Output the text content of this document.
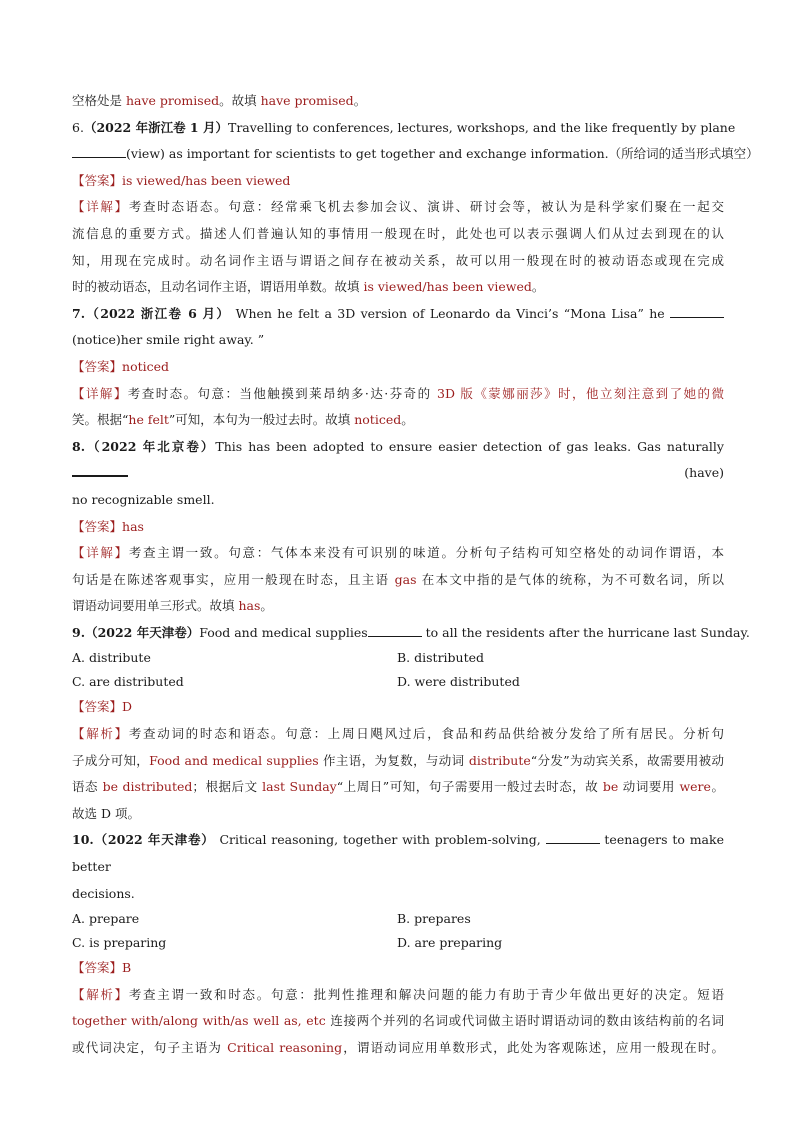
空格处是 have promised。故填 have promised。
6.（2022 年浙江卷 1 月）Travelling to conferences, lectures, workshops, and the like frequently by plane
(view) as important for scientists to get together and exchange information.（所给词的适当形式填空）
【答案】is viewed/has been viewed
【详解】考查时态语态。句意：经常乘飞机去参加会议、演讲、研讨会等，被认为是科学家们聚在一起交
流信息的重要方式。描述人们普遍认知的事情用一般现在时，此处也可以表示强调人们从过去到现在的认
知，用现在完成时。动名词作主语与谓语之间存在被动关系，故可以用一般现在时的被动语态或现在完成
时的被动语态，且动名词作主语，谓语用单数。故填 is viewed/has been viewed。
7.（2022 浙江卷 6 月） When he felt a 3D version of Leonardo da Vinci’s “Mona Lisa” he
(notice)her smile right away. ”
【答案】noticed
【详解】考查时态。句意：当他触摸到莱昂纳多·达·芬奇的 3D 版《蒙娜丽莎》时，他立刻注意到了她的微
笑。根据“he felt”可知，本句为一般过去时。故填 noticed。
8.（2022 年北京卷）This has been adopted to ensure easier detection of gas leaks. Gas naturally  (have)
no recognizable smell.
【答案】has
【详解】考查主谓一致。句意：气体本来没有可识别的味道。分析句子结构可知空格处的动词作谓语，本
句话是在陈述客观事实，应用一般现在时态，且主语 gas 在本文中指的是气体的统称，为不可数名词，所以
谓语动词要用单三形式。故填 has。
9.（2022 年天津卷）Food and medical supplies	to all the residents after the hurricane last Sunday.
A. distribute	B. distributed
C. are distributed	D. were distributed
【答案】D
【解析】考查动词的时态和语态。句意：上周日飓风过后，食品和药品供给被分发给了所有居民。分析句
子成分可知，Food and medical supplies 作主语，为复数，与动词 distribute“分发”为动宾关系，故需要用被动
语态 be distributed；根据后文 last Sunday“上周日”可知，句子需要用一般过去时态，故 be 动词要用 were。
故选 D 项。
10.（2022 年天津卷） Critical reasoning, together with problem-solving,	teenagers to make better
decisions.
A. prepare	B. prepares
C. is preparing	D. are preparing
【答案】B
【解析】考查主谓一致和时态。句意：批判性推理和解决问题的能力有助于青少年做出更好的决定。短语
together with/along with/as well as, etc 连接两个并列的名词或代词做主语时谓语动词的数由该结构前的名词
或代词决定，句子主语为 Critical reasoning，谓语动词应用单数形式，此处为客观陈述，应用一般现在时。
